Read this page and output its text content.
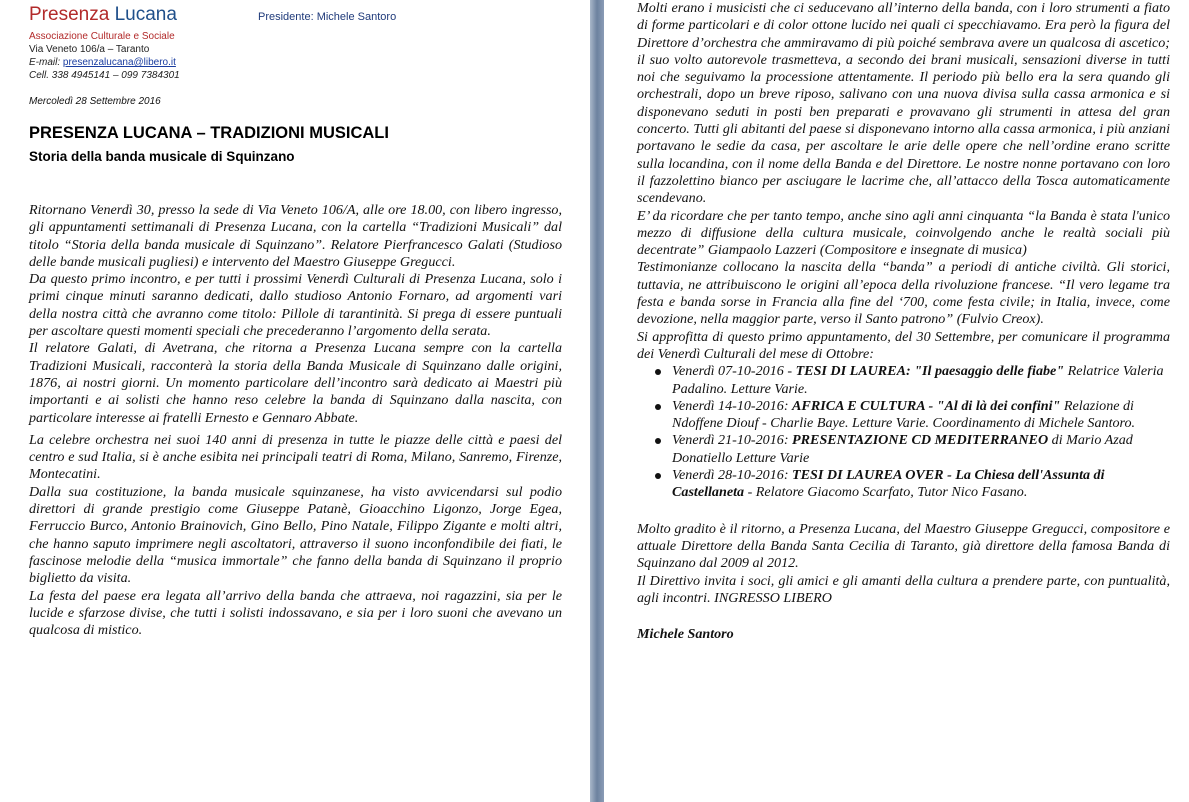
Presenza Lucana
Associazione Culturale e Sociale
Via Veneto 106/a – Taranto
E-mail: presenzalucana@libero.it
Cell. 338 4945141 – 099 7384301
Presidente: Michele Santoro
Mercoledì 28 Settembre 2016
PRESENZA LUCANA – TRADIZIONI MUSICALI
Storia della banda musicale di Squinzano

Ritornano Venerdì 30, presso la sede di Via Veneto 106/A, alle ore 18.00, con libero ingresso, gli appuntamenti settimanali di Presenza Lucana, con la cartella “Tradizioni Musicali” dal titolo “Storia della banda musicale di Squinzano”. Relatore Pierfrancesco Galati (Studioso delle bande musicali pugliesi) e intervento del Maestro Giuseppe Gregucci.

Da questo primo incontro, e per tutti i prossimi Venerdì Culturali di Presenza Lucana, solo i primi cinque minuti saranno dedicati, dallo studioso Antonio Fornaro, ad argomenti vari della nostra città che avranno come titolo: Pillole di tarantinità. Si prega di essere puntuali per ascoltare questi momenti speciali che precederanno l’argomento della serata.

Il relatore Galati, di Avetrana, che ritorna a Presenza Lucana sempre con la cartella Tradizioni Musicali, racconterà la storia della Banda Musicale di Squinzano dalle origini, 1876, ai nostri giorni. Un momento particolare dell’incontro sarà dedicato ai Maestri più importanti e ai solisti che hanno reso celebre la banda di Squinzano dalla nascita, con particolare interesse ai fratelli Ernesto e Gennaro Abbate.

La celebre orchestra nei suoi 140 anni di presenza in tutte le piazze delle città e paesi del centro e sud Italia, si è anche esibita nei principali teatri di Roma, Milano, Sanremo, Firenze, Montecatini.

Dalla sua costituzione, la banda musicale squinzanese, ha visto avvicendarsi sul podio direttori di grande prestigio come Giuseppe Patanè, Gioacchino Ligonzo, Jorge Egea, Ferruccio Burco, Antonio Brainovich, Gino Bello, Pino Natale, Filippo Zigante e molti altri, che hanno saputo imprimere negli ascoltatori, attraverso il suono inconfondibile dei fiati, le fascinose melodie della “musica immortale” che fanno della banda di Squinzano il proprio biglietto da visita.

La festa del paese era legata all’arrivo della banda che attraeva, noi ragazzini, sia per le lucide e sfarzose divise, che tutti i solisti indossavano, e sia per i loro suoni che avevano un qualcosa di mistico.

Molti erano i musicisti che ci seducevano all’interno della banda, con i loro strumenti a fiato di forme particolari e di color ottone lucido nei quali ci specchiavamo. Era però la figura del Direttore d’orchestra che ammiravamo di più poiché sembrava avere un qualcosa di ascetico; il suo volto autorevole trasmetteva, a secondo dei brani musicali, sensazioni diverse in tutti noi che seguivamo la processione attentamente. Il periodo più bello era la sera quando gli orchestrali, dopo un breve riposo, salivano con una nuova divisa sulla cassa armonica e si disponevano seduti in posti ben preparati e provavano gli strumenti in attesa del gran concerto. Tutti gli abitanti del paese si disponevano intorno alla cassa armonica, i più anziani portavano le sedie da casa, per ascoltare le arie delle opere che nell’ordine erano scritte sulla locandina, con il nome della Banda e del Direttore. Le nostre nonne portavano con loro il fazzolettino bianco per asciugare le lacrime che, all’attacco della Tosca automaticamente scendevano.

E’ da ricordare che per tanto tempo, anche sino agli anni cinquanta “la Banda è stata l'unico mezzo di diffusione della cultura musicale, coinvolgendo anche le realtà sociali più decentrate” Giampaolo Lazzeri (Compositore e insegnate di musica)

Testimonianze collocano la nascita della “banda” a periodi di antiche civiltà. Gli storici, tuttavia, ne attribuiscono le origini all’epoca della rivoluzione francese. “Il vero legame tra festa e banda sorse in Francia alla fine del ‘700, come festa civile; in Italia, invece, come devozione, nella maggior parte, verso il Santo patrono” (Fulvio Creox).

Si approfitta di questo primo appuntamento, del 30 Settembre, per comunicare il programma dei Venerdì Culturali del mese di Ottobre:

Venerdì 07-10-2016 - TESI DI LAUREA: "Il paesaggio delle fiabe" Relatrice Valeria Padalino. Letture Varie.
Venerdì 14-10-2016: AFRICA E CULTURA - "Al di là dei confini" Relazione di Ndoffene Diouf - Charlie Baye. Letture Varie. Coordinamento di Michele Santoro.
Venerdì 21-10-2016: PRESENTAZIONE CD MEDITERRANEO di Mario Azad Donatiello Letture Varie
Venerdì 28-10-2016: TESI DI LAUREA OVER - La Chiesa dell'Assunta di Castellaneta - Relatore Giacomo Scarfato, Tutor Nico Fasano.

Molto gradito è il ritorno, a Presenza Lucana, del Maestro Giuseppe Gregucci, compositore e attuale Direttore della Banda Santa Cecilia di Taranto, già direttore della famosa Banda di Squinzano dal 2009 al 2012.

Il Direttivo invita i soci, gli amici e gli amanti della cultura a prendere parte, con puntualità, agli incontri. INGRESSO LIBERO

Michele Santoro
